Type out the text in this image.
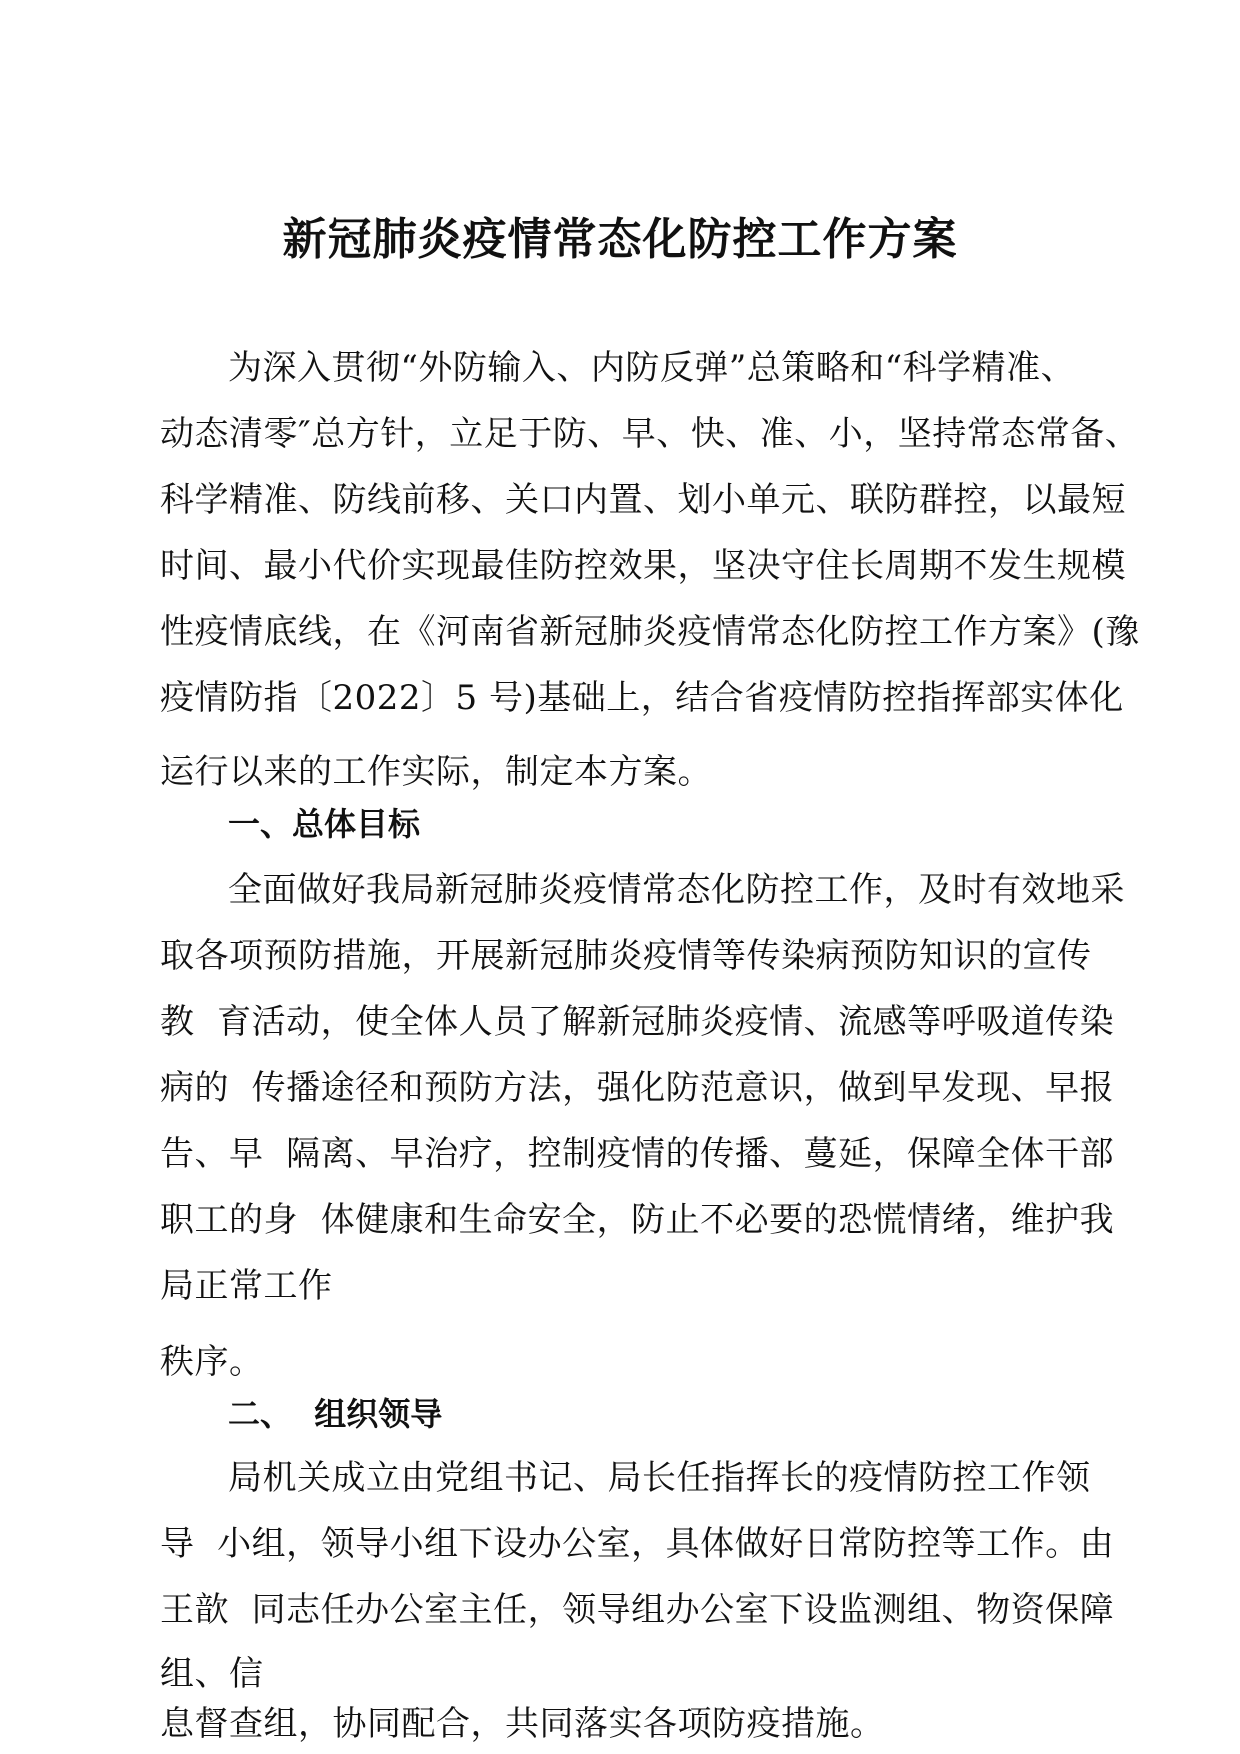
新冠肺炎疫情常态化防控工作方案

为深入贯彻“外防输入、内防反弹”总策略和“科学精准、

动态清零″总方针，立足于防、早、快、准、小，坚持常态常备、

科学精准、防线前移、关口内置、划小单元、联防群控，以最短

时间、最小代价实现最佳防控效果，坚决守住长周期不发生规模

性疫情底线，在《河南省新冠肺炎疫情常态化防控工作方案》(豫

疫情防指〔2022〕5 号)基础上，结合省疫情防控指挥部实体化

运行以来的工作实际，制定本方案。

一、总体目标

全面做好我局新冠肺炎疫情常态化防控工作，及时有效地采

取各项预防措施，开展新冠肺炎疫情等传染病预防知识的宣传

教  育活动，使全体人员了解新冠肺炎疫情、流感等呼吸道传染

病的  传播途径和预防方法，强化防范意识，做到早发现、早报

告、早  隔离、早治疗，控制疫情的传播、蔓延，保障全体干部

职工的身  体健康和生命安全，防止不必要的恐慌情绪，维护我

局正常工作

秩序。

二、  组织领导

局机关成立由党组书记、局长任指挥长的疫情防控工作领

导  小组，领导小组下设办公室，具体做好日常防控等工作。由

王歆  同志任办公室主任，领导组办公室下设监测组、物资保障

组、信

息督查组，协同配合，共同落实各项防疫措施。
